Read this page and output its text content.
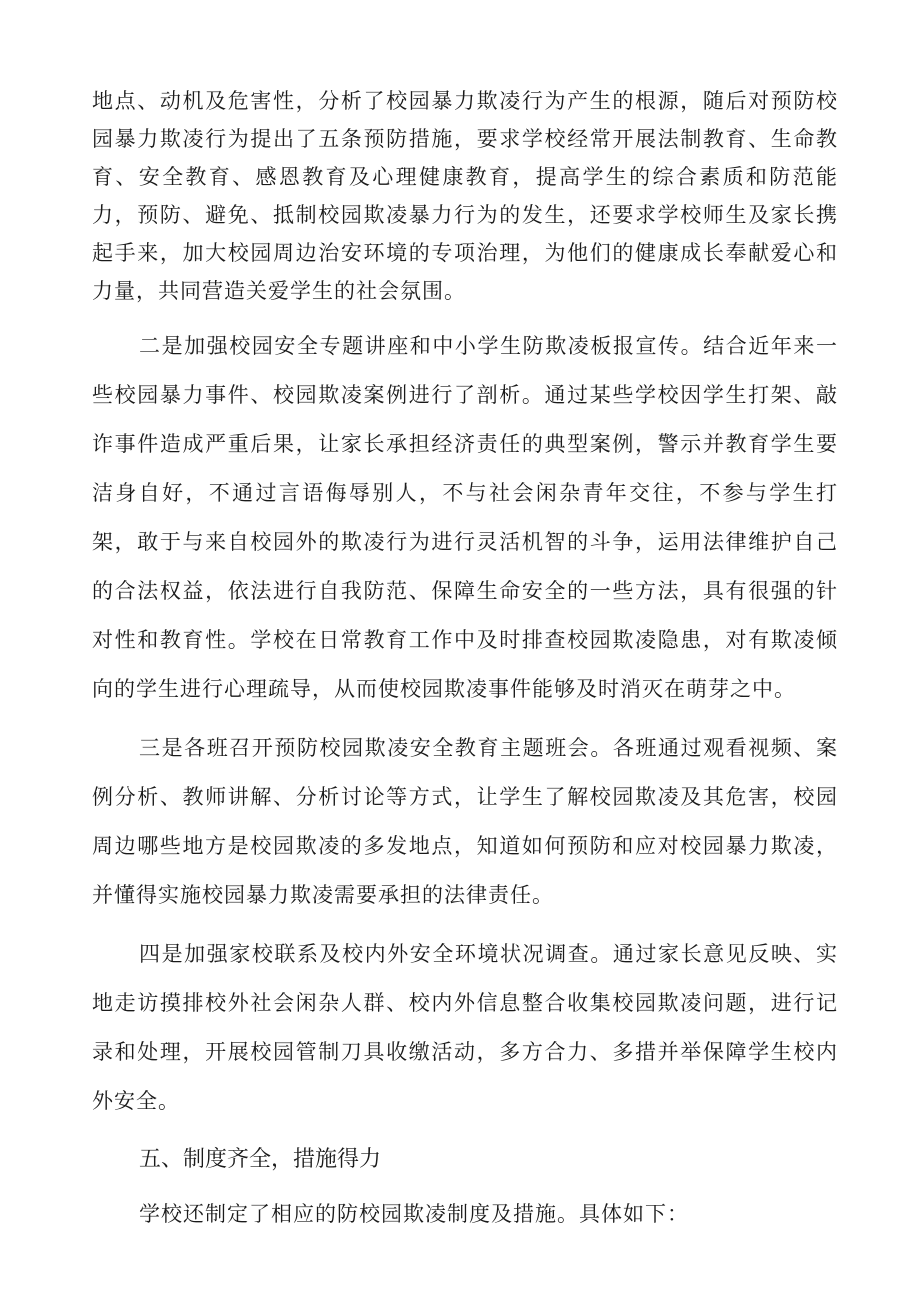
地点、动机及危害性，分析了校园暴力欺凌行为产生的根源，随后对预防校园暴力欺凌行为提出了五条预防措施，要求学校经常开展法制教育、生命教育、安全教育、感恩教育及心理健康教育，提高学生的综合素质和防范能力，预防、避免、抵制校园欺凌暴力行为的发生，还要求学校师生及家长携起手来，加大校园周边治安环境的专项治理，为他们的健康成长奉献爱心和力量，共同营造关爱学生的社会氛围。

二是加强校园安全专题讲座和中小学生防欺凌板报宣传。结合近年来一些校园暴力事件、校园欺凌案例进行了剖析。通过某些学校因学生打架、敲诈事件造成严重后果，让家长承担经济责任的典型案例，警示并教育学生要洁身自好，不通过言语侮辱别人，不与社会闲杂青年交往，不参与学生打架，敢于与来自校园外的欺凌行为进行灵活机智的斗争，运用法律维护自己的合法权益，依法进行自我防范、保障生命安全的一些方法，具有很强的针对性和教育性。学校在日常教育工作中及时排查校园欺凌隐患，对有欺凌倾向的学生进行心理疏导，从而使校园欺凌事件能够及时消灭在萌芽之中。

三是各班召开预防校园欺凌安全教育主题班会。各班通过观看视频、案例分析、教师讲解、分析讨论等方式，让学生了解校园欺凌及其危害，校园周边哪些地方是校园欺凌的多发地点，知道如何预防和应对校园暴力欺凌，并懂得实施校园暴力欺凌需要承担的法律责任。

四是加强家校联系及校内外安全环境状况调查。通过家长意见反映、实地走访摸排校外社会闲杂人群、校内外信息整合收集校园欺凌问题，进行记录和处理，开展校园管制刀具收缴活动，多方合力、多措并举保障学生校内外安全。

五、制度齐全，措施得力

学校还制定了相应的防校园欺凌制度及措施。具体如下：
